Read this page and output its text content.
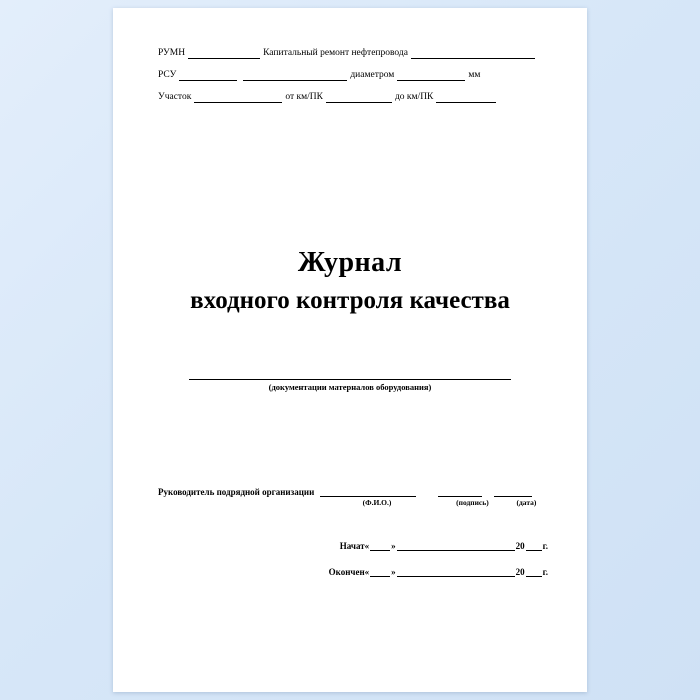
РУМН	Капитальный ремонт нефтепровода
РСУ	диаметром	мм
Участок	от км/ПК	до км/ПК
Журнал
входного контроля качества
(документации матерналов оборудования)
Руководитель подрядной организации
(Ф.И.О.)	(подпись)	(дата)
Начат « »	20 г.
Окончен « »	20 г.
